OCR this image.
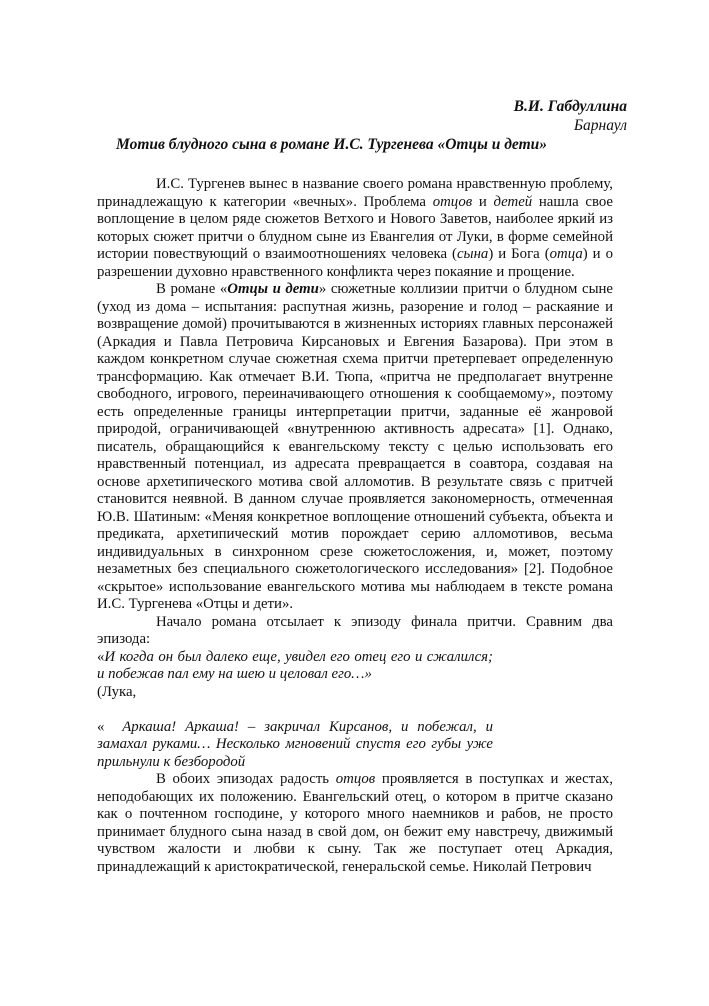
В.И. Габдуллина

Барнаул

Мотив блудного сына в романе И.С. Тургенева «Отцы и дети»

И.С. Тургенев вынес в название своего романа нравственную проблему, принадлежащую к категории «вечных». Проблема отцов и детей нашла свое воплощение в целом ряде сюжетов Ветхого и Нового Заветов, наиболее яркий из которых сюжет притчи о блудном сыне из Евангелия от Луки, в форме семейной истории повествующий о взаимоотношениях человека (сына) и Бога (отца) и о разрешении духовно нравственного конфликта через покаяние и прощение.

В романе «Отцы и дети» сюжетные коллизии притчи о блудном сыне (уход из дома – испытания: распутная жизнь, разорение и голод – раскаяние и возвращение домой) прочитываются в жизненных историях главных персонажей (Аркадия и Павла Петровича Кирсановых и Евгения Базарова). При этом в каждом конкретном случае сюжетная схема притчи претерпевает определенную трансформацию. Как отмечает В.И. Тюпа, «притча не предполагает внутренне свободного, игрового, переиначивающего отношения к сообщаемому», поэтому есть определенные границы интерпретации притчи, заданные её жанровой природой, ограничивающей «внутреннюю активность адресата» [1]. Однако, писатель, обращающийся к евангельскому тексту с целью использовать его нравственный потенциал, из адресата превращается в соавтора, создавая на основе архетипического мотива свой алломотив. В результате связь с притчей становится неявной. В данном случае проявляется закономерность, отмеченная Ю.В. Шатиным: «Меняя конкретное воплощение отношений субъекта, объекта и предиката, архетипический мотив порождает серию алломотивов, весьма индивидуальных в синхронном срезе сюжетосложения, и, может, поэтому незаметных без специального сюжетологического исследования» [2]. Подобное «скрытое» использование евангельского мотива мы наблюдаем в тексте романа И.С. Тургенева «Отцы и дети».

Начало романа отсылает к эпизоду финала притчи. Сравним два эпизода:

«И когда он был далеко еще, увидел его отец его и сжалился; и побежав пал ему на шею и целовал его…»

(Лука,

«  Аркаша! Аркаша! – закричал Кирсанов, и побежал, и замахал руками… Несколько мгновений спустя его губы уже прильнули к безбородой

В обоих эпизодах радость отцов проявляется в поступках и жестах, неподобающих их положению. Евангельский отец, о котором в притче сказано как о почтенном господине, у которого много наемников и рабов, не просто принимает блудного сына назад в свой дом, он бежит ему навстречу, движимый чувством жалости и любви к сыну. Так же поступает отец Аркадия, принадлежащий к аристократической, генеральской семье. Николай Петрович
